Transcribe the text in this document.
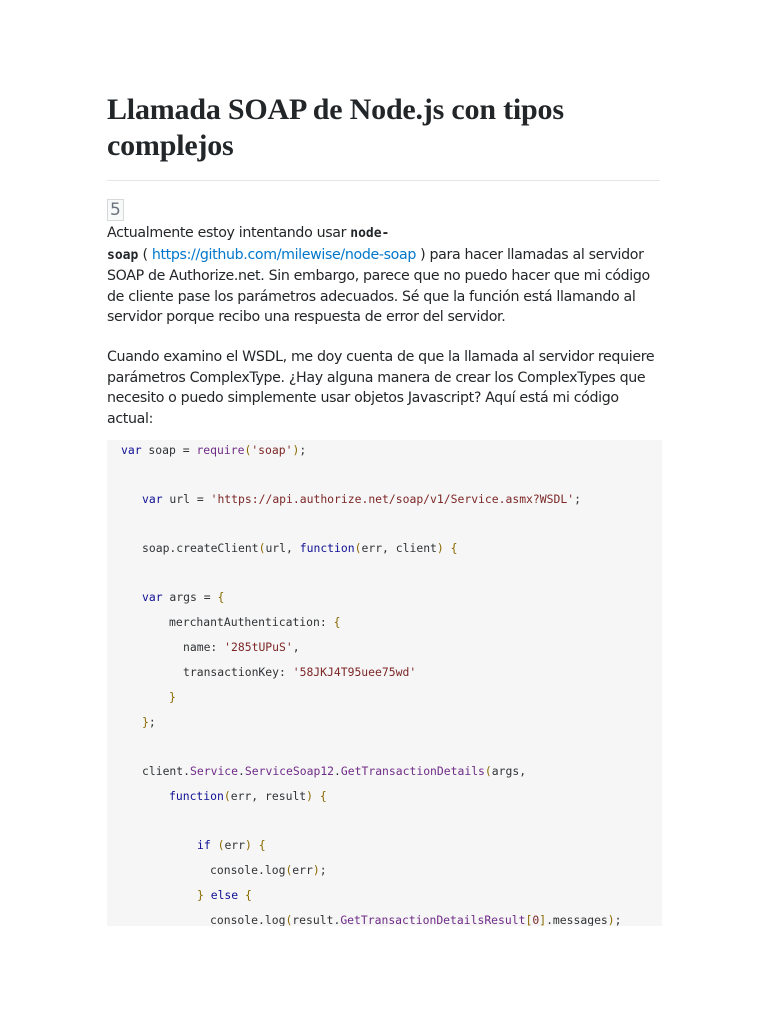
Llamada SOAP de Node.js con tipos complejos
5

Actualmente estoy intentando usar node-
soap ( https://github.com/milewise/node-soap ) para hacer llamadas al servidor SOAP de Authorize.net. Sin embargo, parece que no puedo hacer que mi código de cliente pase los parámetros adecuados. Sé que la función está llamando al servidor porque recibo una respuesta de error del servidor.

Cuando examino el WSDL, me doy cuenta de que la llamada al servidor requiere parámetros ComplexType. ¿Hay alguna manera de crear los ComplexTypes que necesito o puedo simplemente usar objetos Javascript? Aquí está mi código actual:

var soap = require('soap');
var url = 'https://api.authorize.net/soap/v1/Service.asmx?WSDL';
soap.createClient(url, function(err, client) {
var args = {
merchantAuthentication: {
name: '285tUPuS',
transactionKey: '58JKJ4T95uee75wd'
}
};
client.Service.ServiceSoap12.GetTransactionDetails(args,
function(err, result) {
if (err) {
console.log(err);
} else {
console.log(result.GetTransactionDetailsResult[0].messages);
